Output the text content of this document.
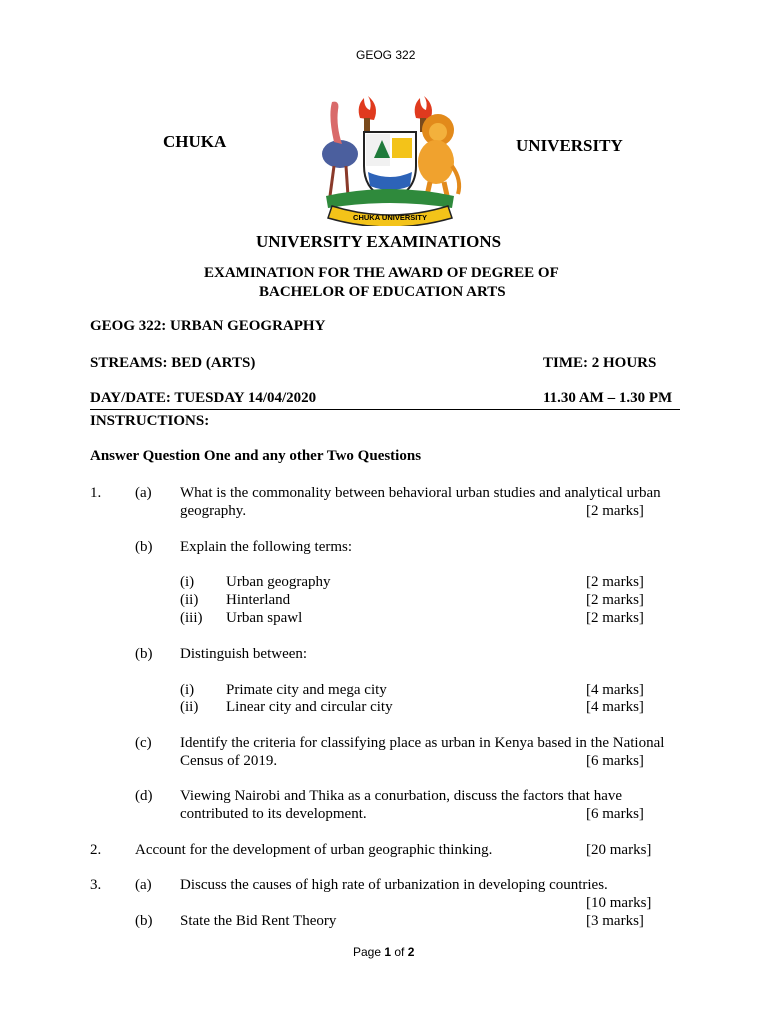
GEOG 322
CHUKA	UNIVERSITY
CHUKA UNIVERSITY
UNIVERSITY EXAMINATIONS
EXAMINATION FOR THE AWARD OF DEGREE OF
BACHELOR OF EDUCATION ARTS
GEOG 322: URBAN GEOGRAPHY
STREAMS: BED (ARTS)	TIME: 2 HOURS
DAY/DATE: TUESDAY 14/04/2020	11.30 AM – 1.30 PM
INSTRUCTIONS:
Answer Question One and any other Two Questions
1. (a) What is the commonality between behavioral urban studies and analytical urban
geography.	[2 marks]
(b) Explain the following terms:
(i) Urban geography	[2 marks]
(ii) Hinterland	[2 marks]
(iii) Urban spawl	[2 marks]
(b) Distinguish between:
(i) Primate city and mega city	[4 marks]
(ii) Linear city and circular city	[4 marks]
(c) Identify the criteria for classifying place as urban in Kenya based in the National
Census of 2019.	[6 marks]
(d) Viewing Nairobi and Thika as a conurbation, discuss the factors that have
contributed to its development.	[6 marks]
2. Account for the development of urban geographic thinking.	[20 marks]
3. (a) Discuss the causes of high rate of urbanization in developing countries.
[10 marks]
(b) State the Bid Rent Theory	[3 marks]
Page 1 of 2
